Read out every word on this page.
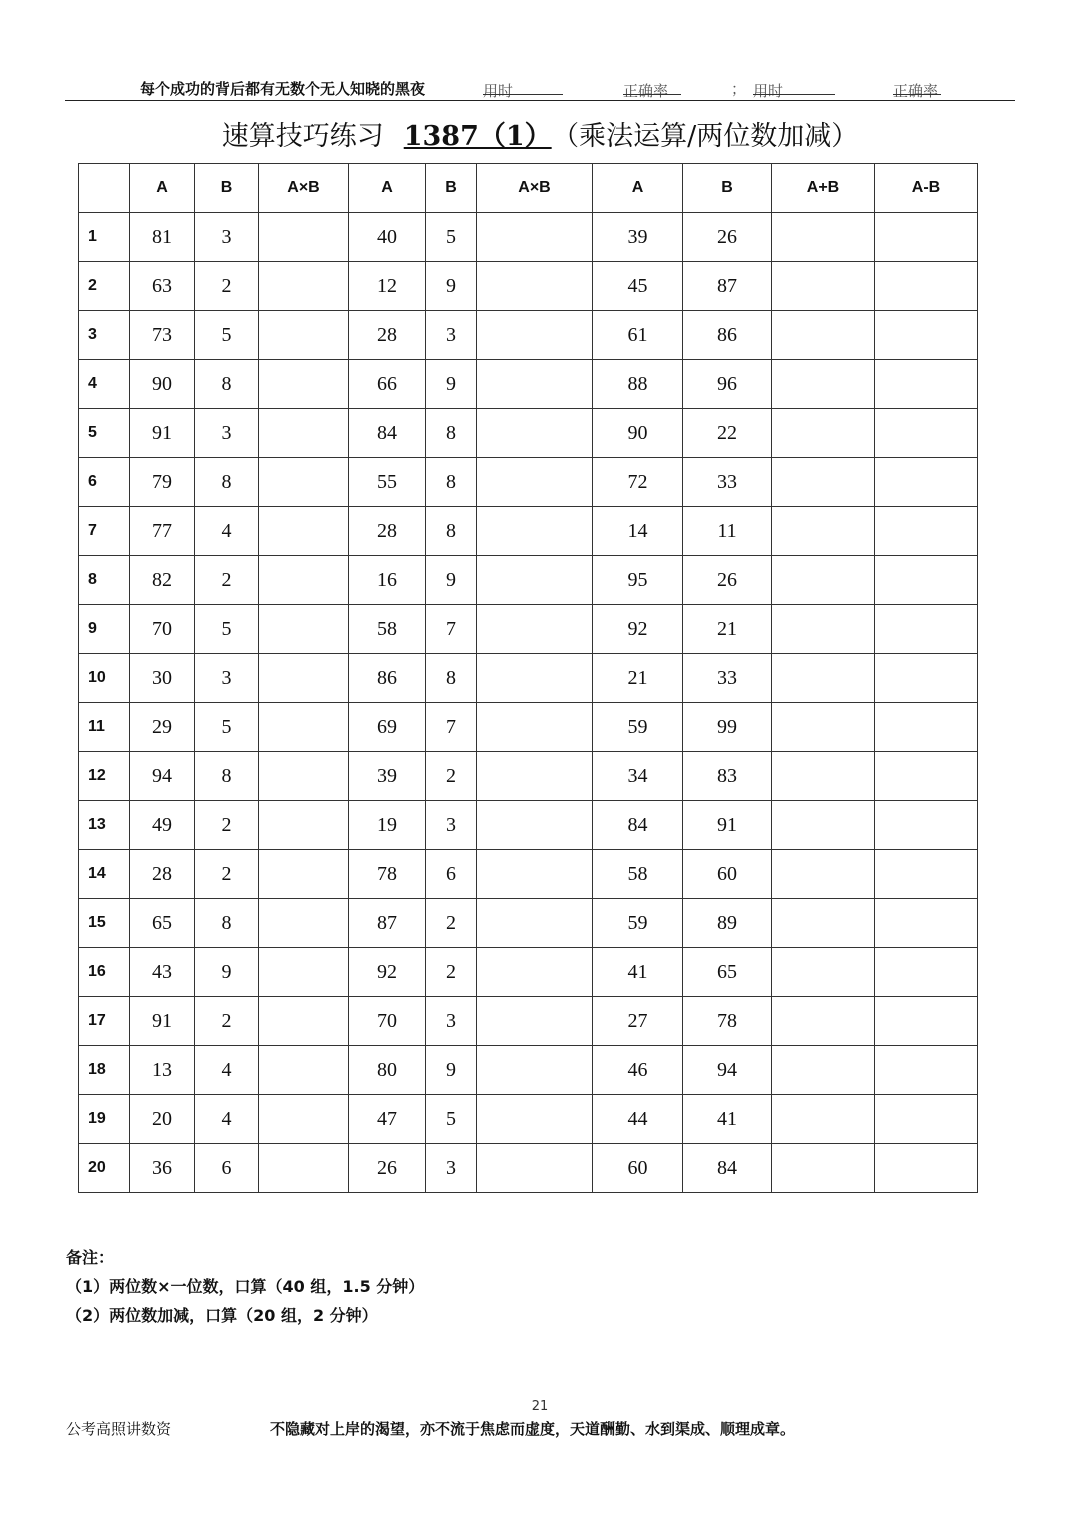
每个成功的背后都有无数个无人知晓的黑夜	用时	正确率	； 用时	正确率
速算技巧练习 1387（1） （乘法运算/两位数加减）
	A	B	A×B	A	B	A×B	A	B	A+B	A-B
1	81	3		40	5		39	26		
2	63	2		12	9		45	87		
3	73	5		28	3		61	86		
4	90	8		66	9		88	96		
5	91	3		84	8		90	22		
6	79	8		55	8		72	33		
7	77	4		28	8		14	11		
8	82	2		16	9		95	26		
9	70	5		58	7		92	21		
10	30	3		86	8		21	33		
11	29	5		69	7		59	99		
12	94	8		39	2		34	83		
13	49	2		19	3		84	91		
14	28	2		78	6		58	60		
15	65	8		87	2		59	89		
16	43	9		92	2		41	65		
17	91	2		70	3		27	78		
18	13	4		80	9		46	94		
19	20	4		47	5		44	41		
20	36	6		26	3		60	84		
备注：
（1）两位数×一位数，口算（40 组，1.5 分钟）
（2）两位数加减，口算（20 组，2 分钟）
21
公考高照讲数资	不隐藏对上岸的渴望，亦不流于焦虑而虚度，天道酬勤、水到渠成、顺理成章。
